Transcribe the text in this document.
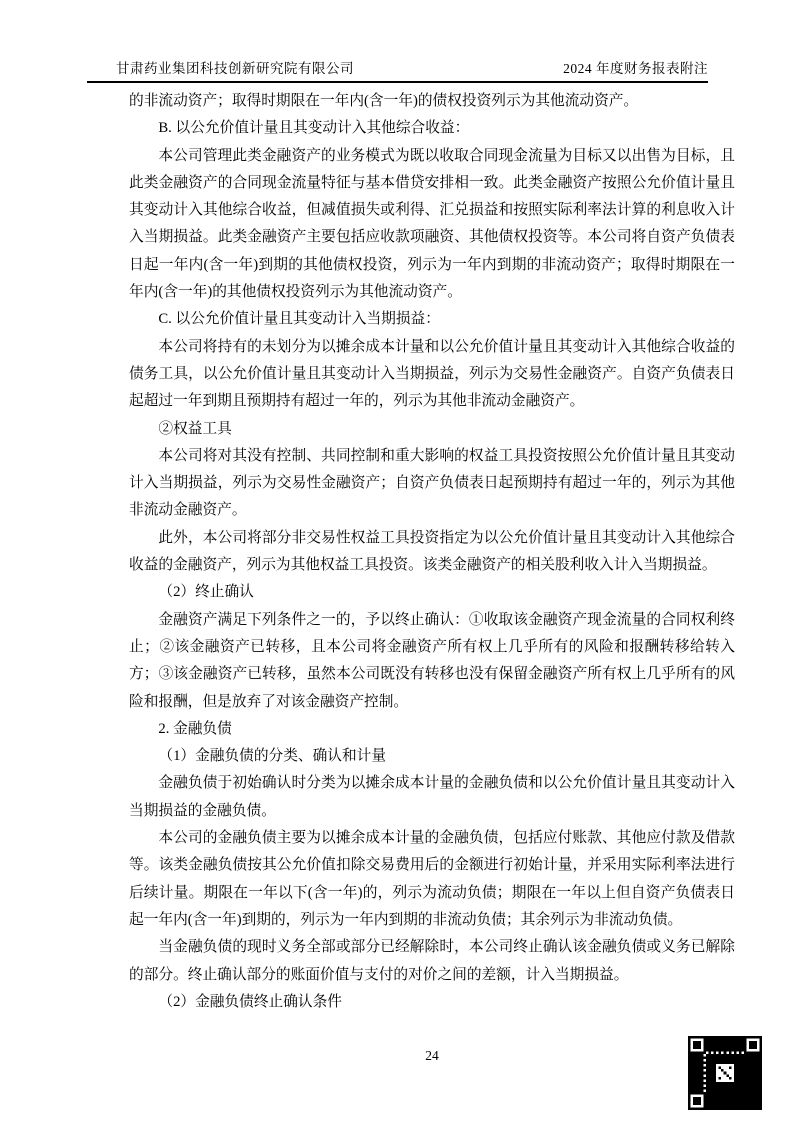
甘肃药业集团科技创新研究院有限公司	2024 年度财务报表附注
的非流动资产；取得时期限在一年内(含一年)的债权投资列示为其他流动资产。
B. 以公允价值计量且其变动计入其他综合收益：
本公司管理此类金融资产的业务模式为既以收取合同现金流量为目标又以出售为目标，且此类金融资产的合同现金流量特征与基本借贷安排相一致。此类金融资产按照公允价值计量且其变动计入其他综合收益，但减值损失或利得、汇兑损益和按照实际利率法计算的利息收入计入当期损益。此类金融资产主要包括应收款项融资、其他债权投资等。本公司将自资产负债表日起一年内(含一年)到期的其他债权投资，列示为一年内到期的非流动资产；取得时期限在一年内(含一年)的其他债权投资列示为其他流动资产。
C. 以公允价值计量且其变动计入当期损益：
本公司将持有的未划分为以摊余成本计量和以公允价值计量且其变动计入其他综合收益的债务工具，以公允价值计量且其变动计入当期损益，列示为交易性金融资产。自资产负债表日起超过一年到期且预期持有超过一年的，列示为其他非流动金融资产。
②权益工具
本公司将对其没有控制、共同控制和重大影响的权益工具投资按照公允价值计量且其变动计入当期损益，列示为交易性金融资产；自资产负债表日起预期持有超过一年的，列示为其他非流动金融资产。
此外，本公司将部分非交易性权益工具投资指定为以公允价值计量且其变动计入其他综合收益的金融资产，列示为其他权益工具投资。该类金融资产的相关股利收入计入当期损益。
（2）终止确认
金融资产满足下列条件之一的，予以终止确认：①收取该金融资产现金流量的合同权利终止；②该金融资产已转移，且本公司将金融资产所有权上几乎所有的风险和报酬转移给转入方；③该金融资产已转移，虽然本公司既没有转移也没有保留金融资产所有权上几乎所有的风险和报酬，但是放弃了对该金融资产控制。
2. 金融负债
（1）金融负债的分类、确认和计量
金融负债于初始确认时分类为以摊余成本计量的金融负债和以公允价值计量且其变动计入当期损益的金融负债。
本公司的金融负债主要为以摊余成本计量的金融负债，包括应付账款、其他应付款及借款等。该类金融负债按其公允价值扣除交易费用后的金额进行初始计量，并采用实际利率法进行后续计量。期限在一年以下(含一年)的，列示为流动负债；期限在一年以上但自资产负债表日起一年内(含一年)到期的，列示为一年内到期的非流动负债；其余列示为非流动负债。
当金融负债的现时义务全部或部分已经解除时，本公司终止确认该金融负债或义务已解除的部分。终止确认部分的账面价值与支付的对价之间的差额，计入当期损益。
（2）金融负债终止确认条件
24
